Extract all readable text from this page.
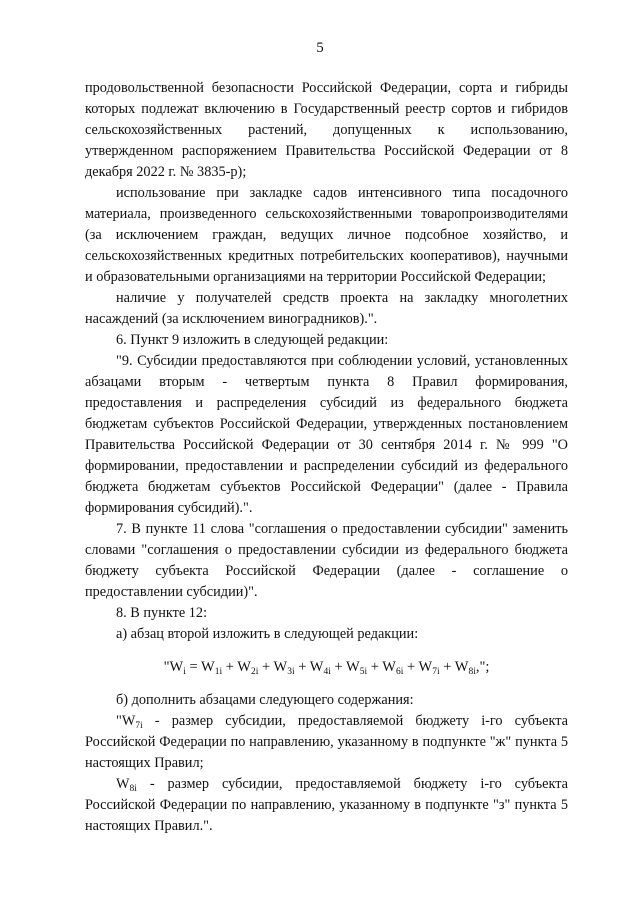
5

продовольственной безопасности Российской Федерации, сорта и гибриды которых подлежат включению в Государственный реестр сортов и гибридов сельскохозяйственных растений, допущенных к использованию, утвержденном распоряжением Правительства Российской Федерации от 8 декабря 2022 г. № 3835-р);

использование при закладке садов интенсивного типа посадочного материала, произведенного сельскохозяйственными товаропроизводителями (за исключением граждан, ведущих личное подсобное хозяйство, и сельскохозяйственных кредитных потребительских кооперативов), научными и образовательными организациями на территории Российской Федерации;

наличие у получателей средств проекта на закладку многолетних насаждений (за исключением виноградников).".

6. Пункт 9 изложить в следующей редакции:

"9. Субсидии предоставляются при соблюдении условий, установленных абзацами вторым - четвертым пункта 8 Правил формирования, предоставления и распределения субсидий из федерального бюджета бюджетам субъектов Российской Федерации, утвержденных постановлением Правительства Российской Федерации от 30 сентября 2014 г. № 999 "О формировании, предоставлении и распределении субсидий из федерального бюджета бюджетам субъектов Российской Федерации" (далее - Правила формирования субсидий).".

7. В пункте 11 слова "соглашения о предоставлении субсидии" заменить словами "соглашения о предоставлении субсидии из федерального бюджета бюджету субъекта Российской Федерации (далее - соглашение о предоставлении субсидии)".

8. В пункте 12:

а) абзац второй изложить в следующей редакции:

"$W_i = W_{1i} + W_{2i} + W_{3i} + W_{4i} + W_{5i} + W_{6i} + W_{7i} + W_{8i}$,";

б) дополнить абзацами следующего содержания:

"$W_{7i}$ - размер субсидии, предоставляемой бюджету i-го субъекта Российской Федерации по направлению, указанному в подпункте "ж" пункта 5 настоящих Правил;

$W_{8i}$ - размер субсидии, предоставляемой бюджету i-го субъекта Российской Федерации по направлению, указанному в подпункте "з" пункта 5 настоящих Правил.".
